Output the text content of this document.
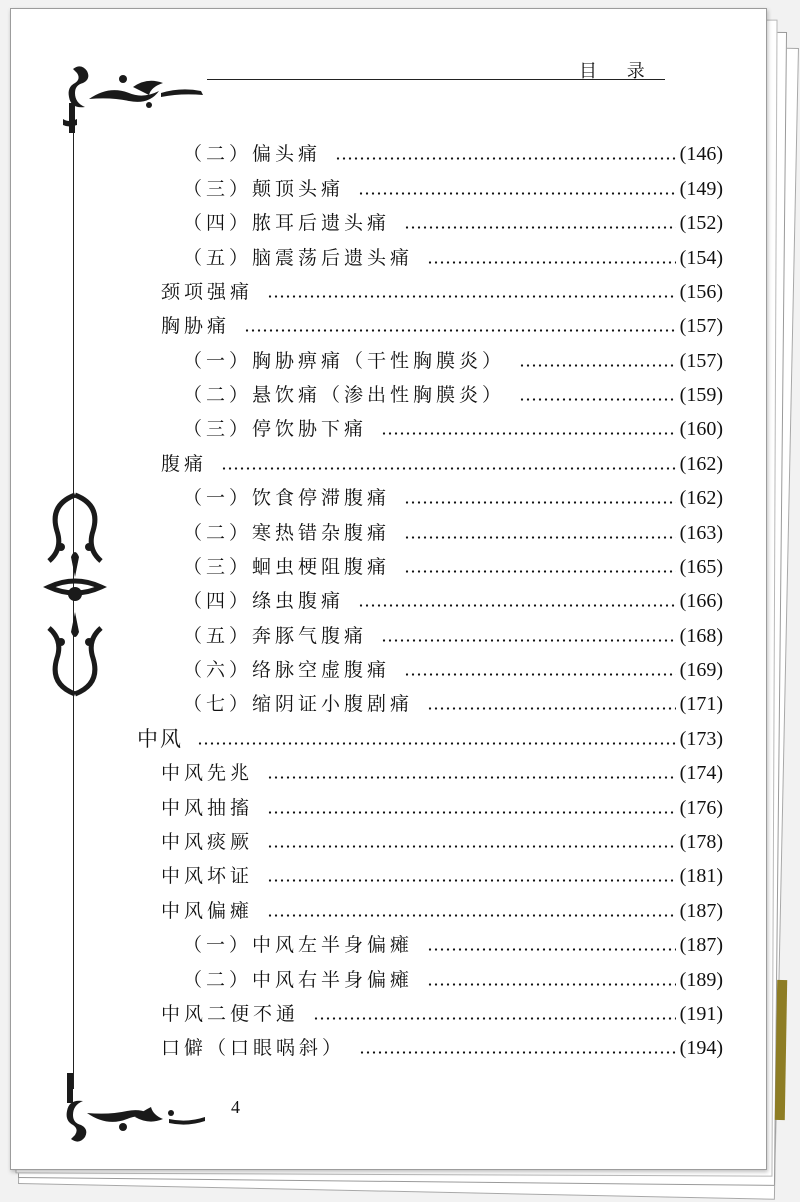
目 录
（二）偏头痛	(146)
（三）颠顶头痛	(149)
（四）脓耳后遗头痛	(152)
（五）脑震荡后遗头痛	(154)
颈项强痛	(156)
胸胁痛	(157)
（一）胸胁痹痛（干性胸膜炎）	(157)
（二）悬饮痛（渗出性胸膜炎）	(159)
（三）停饮胁下痛	(160)
腹痛	(162)
（一）饮食停滞腹痛	(162)
（二）寒热错杂腹痛	(163)
（三）蛔虫梗阻腹痛	(165)
（四）绦虫腹痛	(166)
（五）奔豚气腹痛	(168)
（六）络脉空虚腹痛	(169)
（七）缩阴证小腹剧痛	(171)
中风	(173)
中风先兆	(174)
中风抽搐	(176)
中风痰厥	(178)
中风坏证	(181)
中风偏瘫	(187)
（一）中风左半身偏瘫	(187)
（二）中风右半身偏瘫	(189)
中风二便不通	(191)
口僻（口眼㖞斜）	(194)
4
